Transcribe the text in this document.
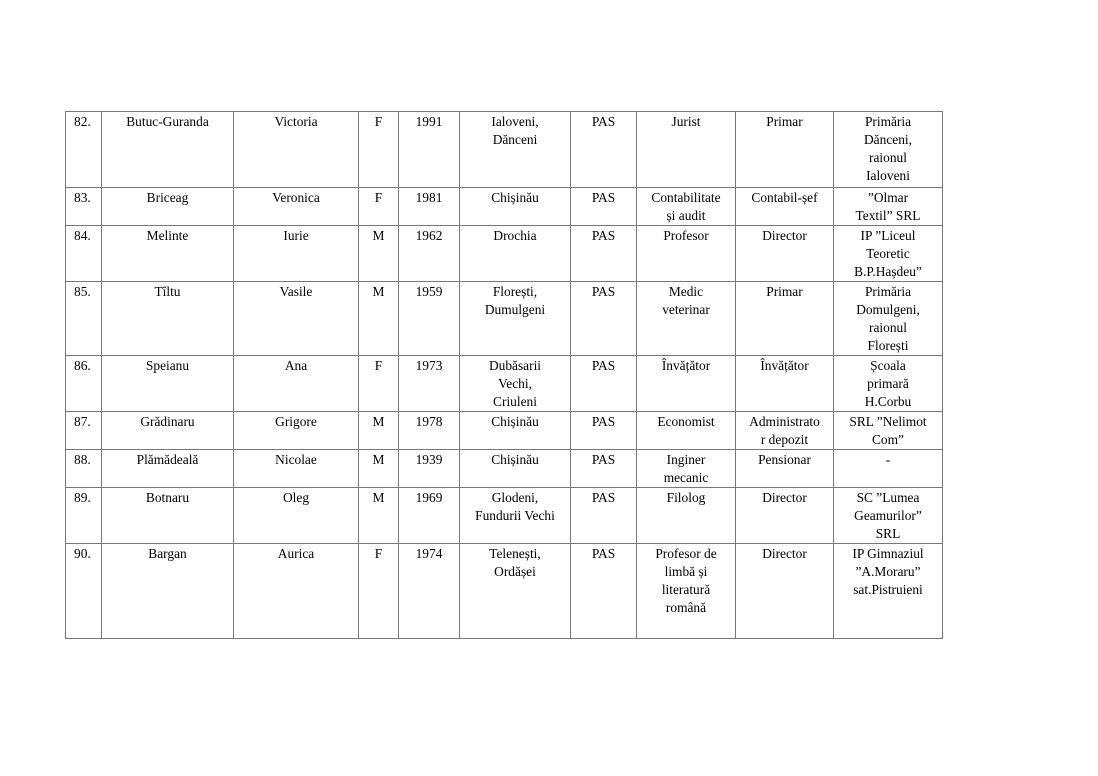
82.	Butuc-Guranda	Victoria	F	1991	Ialoveni,
Dănceni	PAS	Jurist	Primar	Primăria
Dănceni,
raionul
Ialoveni
83.	Briceag	Veronica	F	1981	Chișinău	PAS	Contabilitate
și audit	Contabil-șef	”Olmar
Textil” SRL
84.	Melinte	Iurie	M	1962	Drochia	PAS	Profesor	Director	IP ”Liceul
Teoretic
B.P.Hașdeu”
85.	Tîltu	Vasile	M	1959	Florești,
Dumulgeni	PAS	Medic
veterinar	Primar	Primăria
Domulgeni,
raionul
Florești
86.	Speianu	Ana	F	1973	Dubăsarii
Vechi,
Criuleni	PAS	Învățător	Învățător	Școala
primară
H.Corbu
87.	Grădinaru	Grigore	M	1978	Chișinău	PAS	Economist	Administrato
r depozit	SRL ”Nelimot
Com”
88.	Plămădeală	Nicolae	M	1939	Chișinău	PAS	Inginer
mecanic	Pensionar	-
89.	Botnaru	Oleg	M	1969	Glodeni,
Fundurii Vechi	PAS	Filolog	Director	SC ”Lumea
Geamurilor”
SRL
90.	Bargan	Aurica	F	1974	Telenești,
Ordășei	PAS	Profesor de
limbă și
literatură
română	Director	IP Gimnaziul
”A.Moraru”
sat.Pistruieni
